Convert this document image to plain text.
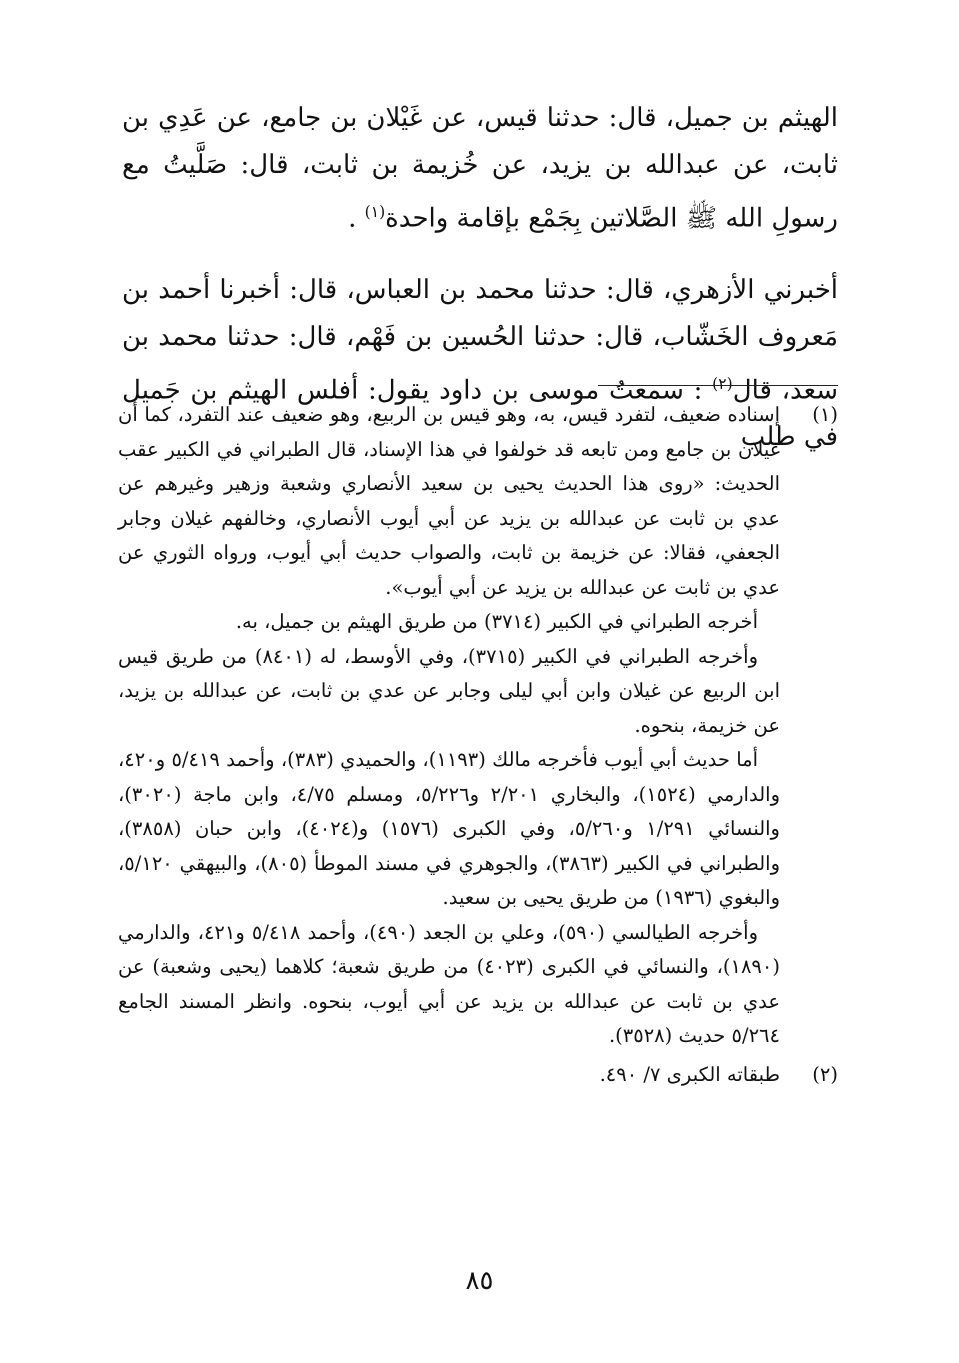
الهيثم بن جميل، قال: حدثنا قيس، عن غَيْلان بن جامع، عن عَدِي بن ثابت، عن عبدالله بن يزيد، عن خُزيمة بن ثابت، قال: صَلَّيتُ مع رسولِ الله ﷺ الصَّلاتين بِجَمْع بإقامة واحدة$^{(١)}$ .

أخبرني الأزهري، قال: حدثنا محمد بن العباس، قال: أخبرنا أحمد بن مَعروف الخَشّاب، قال: حدثنا الحُسين بن فَهْم، قال: حدثنا محمد بن سعد، قال$^{(٢)}$ : سمعتُ موسى بن داود يقول: أفلس الهيثم بن جَميل في طلب

(١)

إسناده ضعيف، لتفرد قيس، به، وهو قيس بن الربيع، وهو ضعيف عند التفرد، كما أن غيلان بن جامع ومن تابعه قد خولفوا في هذا الإسناد، قال الطبراني في الكبير عقب الحديث: «روى هذا الحديث يحيى بن سعيد الأنصاري وشعبة وزهير وغيرهم عن عدي بن ثابت عن عبدالله بن يزيد عن أبي أيوب الأنصاري، وخالفهم غيلان وجابر الجعفي، فقالا: عن خزيمة بن ثابت، والصواب حديث أبي أيوب، ورواه الثوري عن عدي بن ثابت عن عبدالله بن يزيد عن أبي أيوب».

أخرجه الطبراني في الكبير (٣٧١٤) من طريق الهيثم بن جميل، به.

وأخرجه الطبراني في الكبير (٣٧١٥)، وفي الأوسط، له (٨٤٠١) من طريق قيس ابن الربيع عن غيلان وابن أبي ليلى وجابر عن عدي بن ثابت، عن عبدالله بن يزيد، عن خزيمة، بنحوه.

أما حديث أبي أيوب فأخرجه مالك (١١٩٣)، والحميدي (٣٨٣)، وأحمد ٥/٤١٩ و٤٢٠، والدارمي (١٥٢٤)، والبخاري ٢/٢٠١ و٥/٢٢٦، ومسلم ٤/٧٥، وابن ماجة (٣٠٢٠)، والنسائي ١/٢٩١ و٥/٢٦٠، وفي الكبرى (١٥٧٦) و(٤٠٢٤)، وابن حبان (٣٨٥٨)، والطبراني في الكبير (٣٨٦٣)، والجوهري في مسند الموطأ (٨٠٥)، والبيهقي ٥/١٢٠، والبغوي (١٩٣٦) من طريق يحيى بن سعيد.

وأخرجه الطيالسي (٥٩٠)، وعلي بن الجعد (٤٩٠)، وأحمد ٥/٤١٨ و٤٢١، والدارمي (١٨٩٠)، والنسائي في الكبرى (٤٠٢٣) من طريق شعبة؛ كلاهما (يحيى وشعبة) عن عدي بن ثابت عن عبدالله بن يزيد عن أبي أيوب، بنحوه. وانظر المسند الجامع ٥/٢٦٤ حديث (٣٥٢٨).

(٢)

طبقاته الكبرى ٧/ ٤٩٠.

٨٥
